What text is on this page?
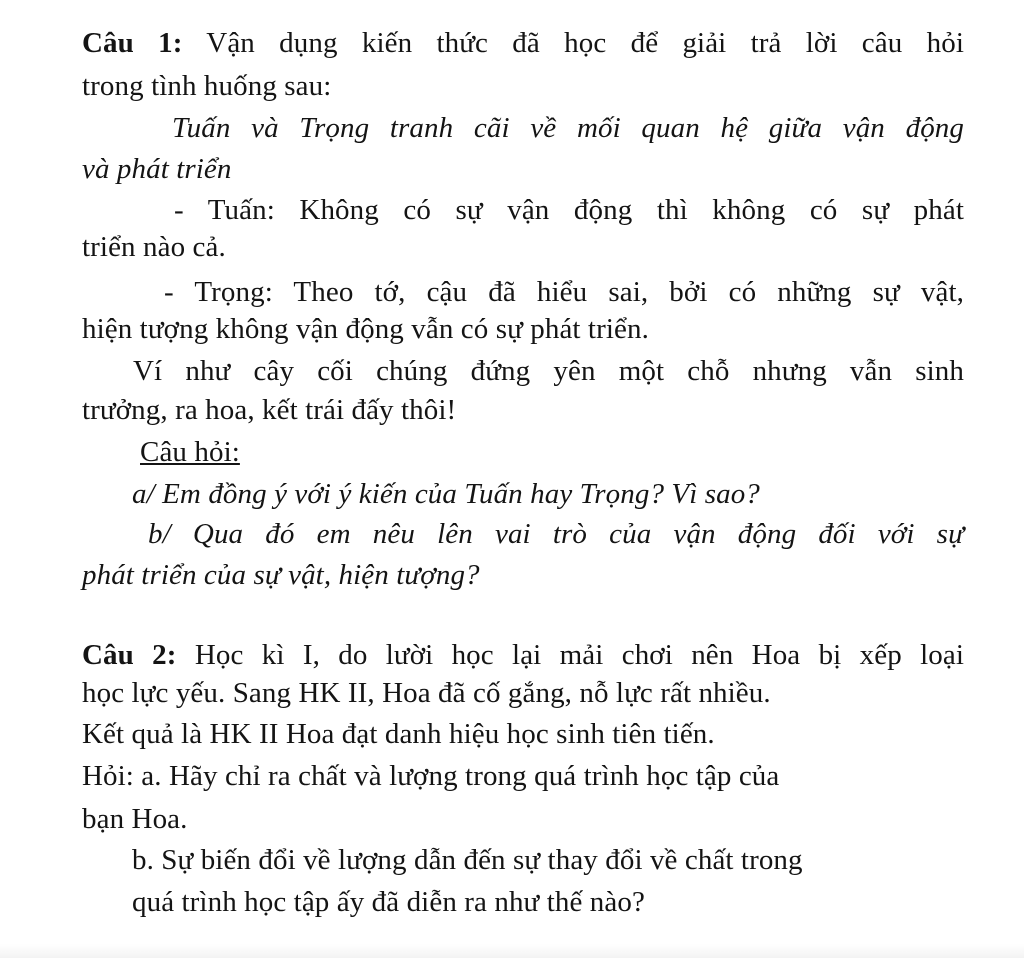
Câu 1: Vận dụng kiến thức đã học để giải trả lời câu hỏi
trong tình huống sau:
Tuấn và Trọng tranh cãi về mối quan hệ giữa vận động
và phát triển
- Tuấn: Không có sự vận động thì không có sự phát
triển nào cả.
- Trọng: Theo tớ, cậu đã hiểu sai, bởi có những sự vật,
hiện tượng không vận động vẫn có sự phát triển.
Ví như cây cối chúng đứng yên một chỗ nhưng vẫn sinh
trưởng, ra hoa, kết trái đấy thôi!
Câu hỏi:
a/ Em đồng ý với ý kiến của Tuấn hay Trọng? Vì sao?
b/ Qua đó em nêu lên vai trò của vận động đối với sự
phát triển của sự vật, hiện tượng?
Câu 2: Học kì I, do lười học lại mải chơi nên Hoa bị xếp loại
học lực yếu. Sang HK II, Hoa đã cố gắng, nỗ lực rất nhiều.
Kết quả là HK II Hoa đạt danh hiệu học sinh tiên tiến.
Hỏi: a. Hãy chỉ ra chất và lượng trong quá trình học tập của
bạn Hoa.
b. Sự biến đổi về lượng dẫn đến sự thay đổi về chất trong
quá trình học tập ấy đã diễn ra như thế nào?
